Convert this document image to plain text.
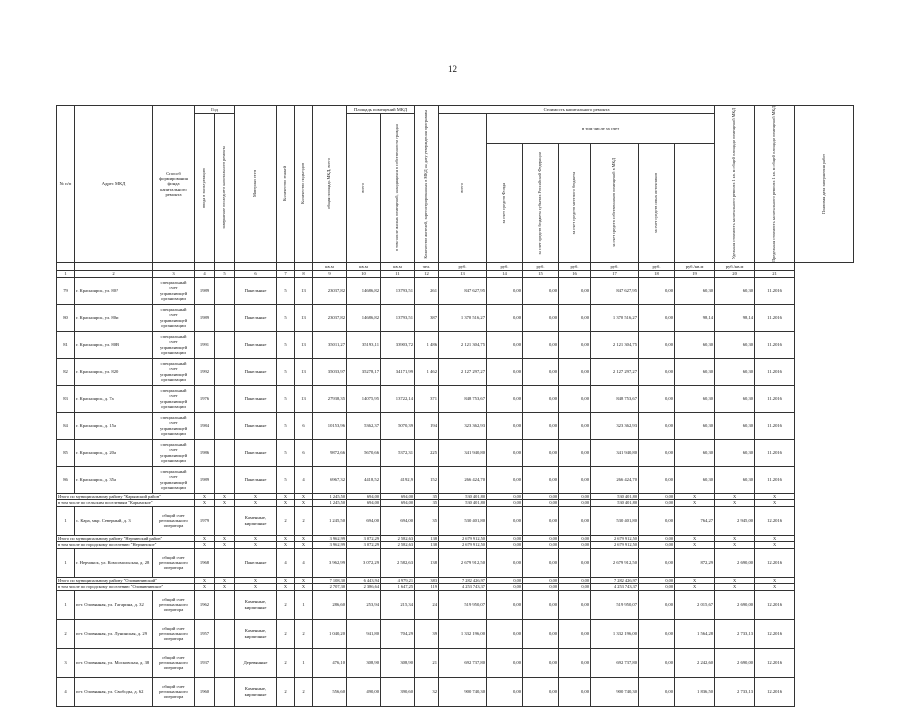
12
№ п/п	Адрес МКД	Способ формирования фонда капитального ремонта	Год		Материал стен	Количество этажей	Количество подъездов	общая площадь МКД, всего	Площадь помещений МКД		Количество жителей, зарегистрированных в МКД на дату утверждения программы	Стоимость капитального ремонта							Удельная стоимость капитального ремонта 1 кв. м общей площади помещений МКД	Предельная стоимость капитального ремонта 1 кв. м общей площади помещений МКД	Плановая дата завершения работ

			ввода в эксплуатацию	завершение последнего капитального ремонта					всего	в том числе жилых помещений, находящихся в собственности граждан		всего	в том числе за счет								

													за счет средств Фонда	за счет средств бюджета субъекта Российской Федерации	за счет средств местного бюджета	за счет средств собственников помещений в МКД	за счет средств иных источников				

								кв.м	кв.м	кв.м	чел.	руб.	руб.	руб.	руб.	руб.	руб.	руб./кв.м	руб./кв.м		
1	2	3	4	5	6	7	8	9	10	11	12	13	14	15	16	17	18	19	20	21	
79	г. Красноярск, ул. 80?	специальный
счет
управляющей
организации	1989		Панельные	5	13	23037,82	14686,82	13793,51	261	847 627,95	0,00	0,00	0,00	847 627,95	0,00	60,30	60,30	11.2016	
80	г. Красноярск, ул. 80и	специальный
счет
управляющей
организации	1989		Панельные	5	13	23037,82	14686,82	13793,51	387	1 370 516,27	0,00	0,00	0,00	1 370 516,27	0,00	98,14	98,14	11.2016	
81	г. Красноярск, ул. 80В	специальный
счет
управляющей
организации	1991		Панельные	5	13	35011,27	35193,11	33903,72	1 486	2 121 304,75	0,00	0,00	0,00	2 121 304,75	0,00	60,30	60,30	11.2016	
82	г. Красноярск, ул. 820	специальный
счет
управляющей
организации	1992		Панельные	5	13	35033,97	35278,17	34171,99	1 462	2 127 297,27	0,00	0,00	0,00	2 127 297,27	0,00	60,30	60,30	11.2016	
83	г. Красноярск, д. 7а	специальный
счет
управляющей
организации	1976		Панельные	5	13	27938,35	14075,95	13722,14	371	848 753,67	0,00	0,00	0,00	848 753,67	0,00	60,30	60,30	11.2016	
84	г. Красноярск, д. 15а	специальный
счет
управляющей
организации	1984		Панельные	5	6	10153,96	5362,37	5070,39	194	323 362,93	0,00	0,00	0,00	323 362,93	0,00	60,30	60,30	11.2016	
85	г. Красноярск, д. 20а	специальный
счет
управляющей
организации	1986		Панельные	5	6	9872,66	5670,66	5372,31	225	341 940,80	0,00	0,00	0,00	341 940,80	0,00	60,30	60,30	11.2016	
86	г. Красноярск, д. 35а	специальный
счет
управляющей
организации	1989		Панельные	5	4	6967,32	4418,52	4192,9	152	266 424,70	0,00	0,00	0,00	266 424,70	0,00	60,30	60,30	11.2016	
Итого по муниципальному району "Карымский район"			X	X	X	X	X	1 245,50	694,00	694,00	35	530 401,80	0,00	0,00	0,00	530 401,80	0,00	X	X	X	
в том числе по сельским поселениям "Карымское"			X	X	X	X	X	1 245,50	694,00	694,00	35	530 401,80	0,00	0,00	0,00	530 401,80	0,00	X	X	X	
1	с. Кара, мкр. Северный, д. 3	общий счет
регионального
оператора	1979		Каменные, кирпичные	2	2	1 245,50	694,00	694,00	35	530 401,80	0,00	0,00	0,00	530 401,80	0,00	764,27	2 945,00	12.2016	
Итого по муниципальному району "Нерчинский район"			X	X	X	X	X	3 962,99	3 072,29	2 582,63	138	2 679 912,50	0,00	0,00	0,00	2 679 912,50	0,00	X	X	X	
в том числе по городскому поселению "Нерчинское"			X	X	X	X	X	3 962,99	3 072,29	2 582,63	138	2 679 912,50	0,00	0,00	0,00	2 679 912,50	0,00	X	X	X	
1	г. Нерчинск, ул. Комсомольская, д. 28	общий счет
регионального
оператора	1968		Панельные	4	4	3 962,99	3 072,29	2 582,63	138	2 679 912,50	0,00	0,00	0,00	2 679 912,50	0,00	872,29	2 690,00	12.2016	
Итого по муниципальному району "Оловяннинский"			X	X	X	X	X	7 108,30	6 443,94	4 979,21	383	7 282 426,97	0,00	0,00	0,00	7 282 426,97	0,00	X	X	X	
в том числе по городскому поселению "Оловяннинское"			X	X	X	X	X	2 707,30	2 386,64	1 647,25	119	4 253 743,37	0,00	0,00	0,00	4 253 743,37	0,00	X	X	X	
1	пгт. Оловянная, ул. Гагарина, д. 32	общий счет
регионального
оператора	1962		Каменные, кирпичные	2	1	286,60	253,94	215,34	24	519 950,07	0,00	0,00	0,00	519 950,07	0,00	2 015,67	2 690,00	12.2016	
2	пгт. Оловянная, ул. Лунинская, д. 29	общий счет
регионального
оператора	1957		Каменные, кирпичные	2	2	1 040,20	941,80	704,29	39	1 332 196,00	0,00	0,00	0,00	1 332 196,00	0,00	1 564,28	2 733,13	12.2016	
3	пгт. Оловянная, ул. Московская, д. 38	общий счет
регионального
оператора	1937		Деревянные	2	1	476,10	308,90	308,90	21	692 737,80	0,00	0,00	0,00	692 737,80	0,00	2 242,60	2 690,00	12.2016	
4	пгт. Оловянная, ул. Свободы, д. 62	общий счет
регионального
оператора	1960		Каменные, кирпичные	2	2	556,60	490,00	390,60	32	900 740,30	0,00	0,00	0,00	900 740,30	0,00	1 836,50	2 733,13	12.2016	
